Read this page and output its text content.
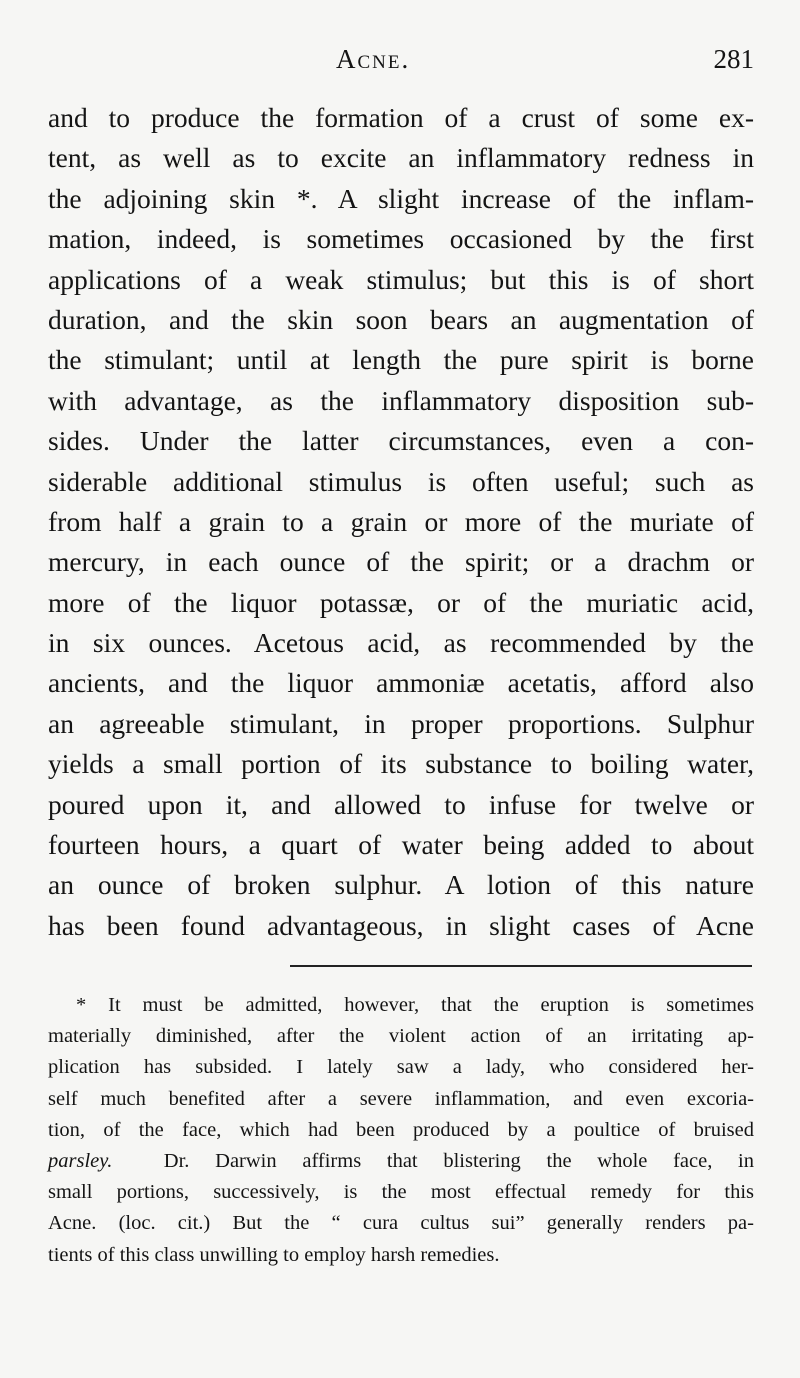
Acne.	281
and to produce the formation of a crust of some ex-
tent, as well as to excite an inflammatory redness in
the adjoining skin *. A slight increase of the inflam-
mation, indeed, is sometimes occasioned by the first
applications of a weak stimulus; but this is of short
duration, and the skin soon bears an augmentation of
the stimulant; until at length the pure spirit is borne
with advantage, as the inflammatory disposition sub-
sides. Under the latter circumstances, even a con-
siderable additional stimulus is often useful; such as
from half a grain to a grain or more of the muriate of
mercury, in each ounce of the spirit; or a drachm or
more of the liquor potassæ, or of the muriatic acid,
in six ounces. Acetous acid, as recommended by the
ancients, and the liquor ammoniæ acetatis, afford also
an agreeable stimulant, in proper proportions. Sulphur
yields a small portion of its substance to boiling water,
poured upon it, and allowed to infuse for twelve or
fourteen hours, a quart of water being added to about
an ounce of broken sulphur. A lotion of this nature
has been found advantageous, in slight cases of Acne
* It must be admitted, however, that the eruption is sometimes
materially diminished, after the violent action of an irritating ap-
plication has subsided. I lately saw a lady, who considered her-
self much benefited after a severe inflammation, and even excoria-
tion, of the face, which had been produced by a poultice of bruised
parsley.	Dr. Darwin affirms that blistering the whole face, in
small portions, successively, is the most effectual remedy for this
Acne. (loc. cit.) But the “ cura cultus sui” generally renders pa-
tients of this class unwilling to employ harsh remedies.
